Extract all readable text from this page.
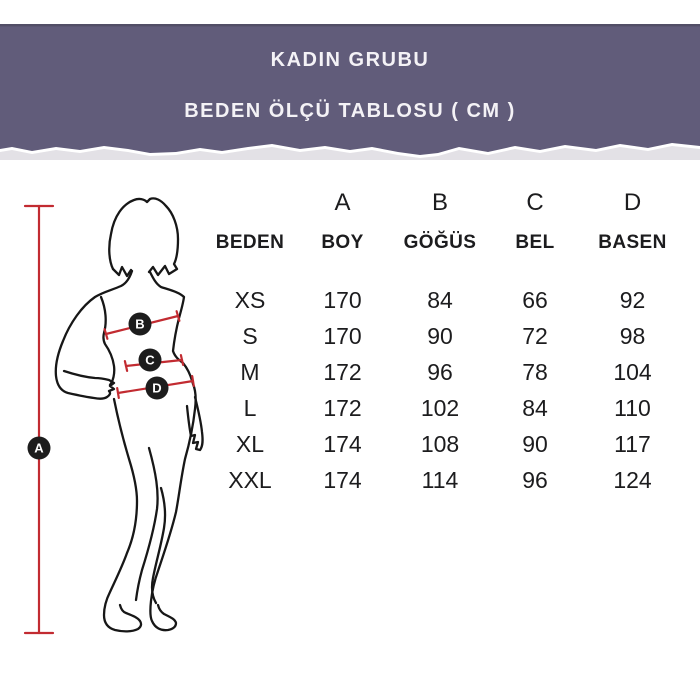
KADIN GRUBU
BEDEN ÖLÇÜ TABLOSU ( CM )
A
B
C
D
A	B	C	D
BEDEN	BOY	GÖĞÜS	BEL	BASEN
XS	170	84	66	92
S	170	90	72	98
M	172	96	78	104
L	172	102	84	110
XL	174	108	90	117
XXL	174	114	96	124
